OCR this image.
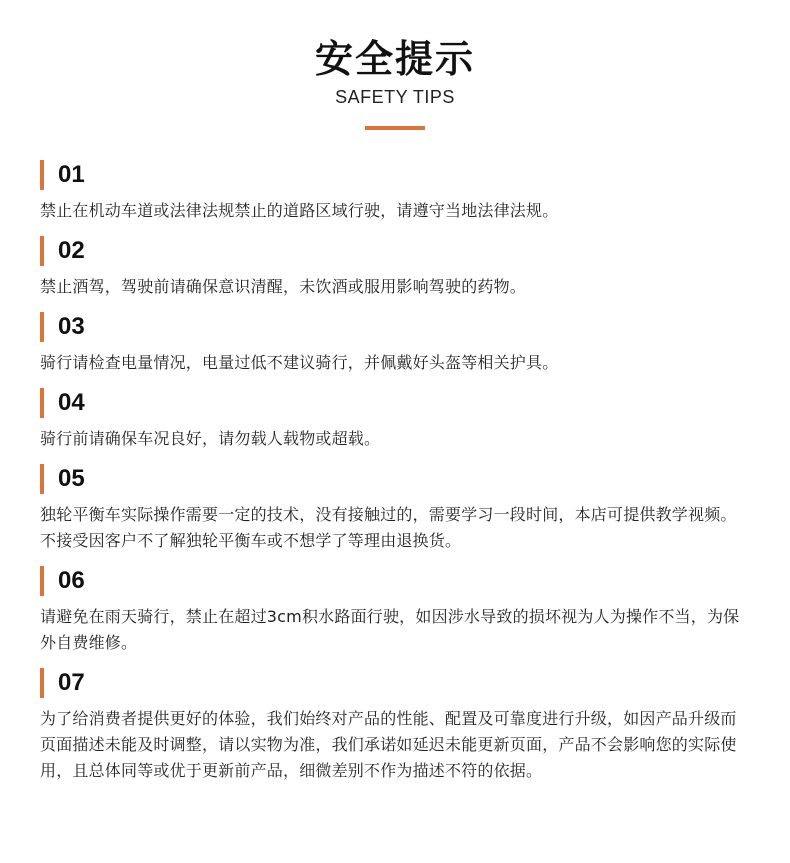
安全提示
SAFETY TIPS
01
禁止在机动车道或法律法规禁止的道路区域行驶，请遵守当地法律法规。
02
禁止酒驾，驾驶前请确保意识清醒，未饮酒或服用影响驾驶的药物。
03
骑行请检查电量情况，电量过低不建议骑行，并佩戴好头盔等相关护具。
04
骑行前请确保车况良好，请勿载人载物或超载。
05
独轮平衡车实际操作需要一定的技术，没有接触过的，需要学习一段时间，本店可提供教学视频。不接受因客户不了解独轮平衡车或不想学了等理由退换货。
06
请避免在雨天骑行，禁止在超过3cm积水路面行驶，如因涉水导致的损坏视为人为操作不当，为保外自费维修。
07
为了给消费者提供更好的体验，我们始终对产品的性能、配置及可靠度进行升级，如因产品升级而页面描述未能及时调整，请以实物为准，我们承诺如延迟未能更新页面，产品不会影响您的实际使用，且总体同等或优于更新前产品，细微差别不作为描述不符的依据。
